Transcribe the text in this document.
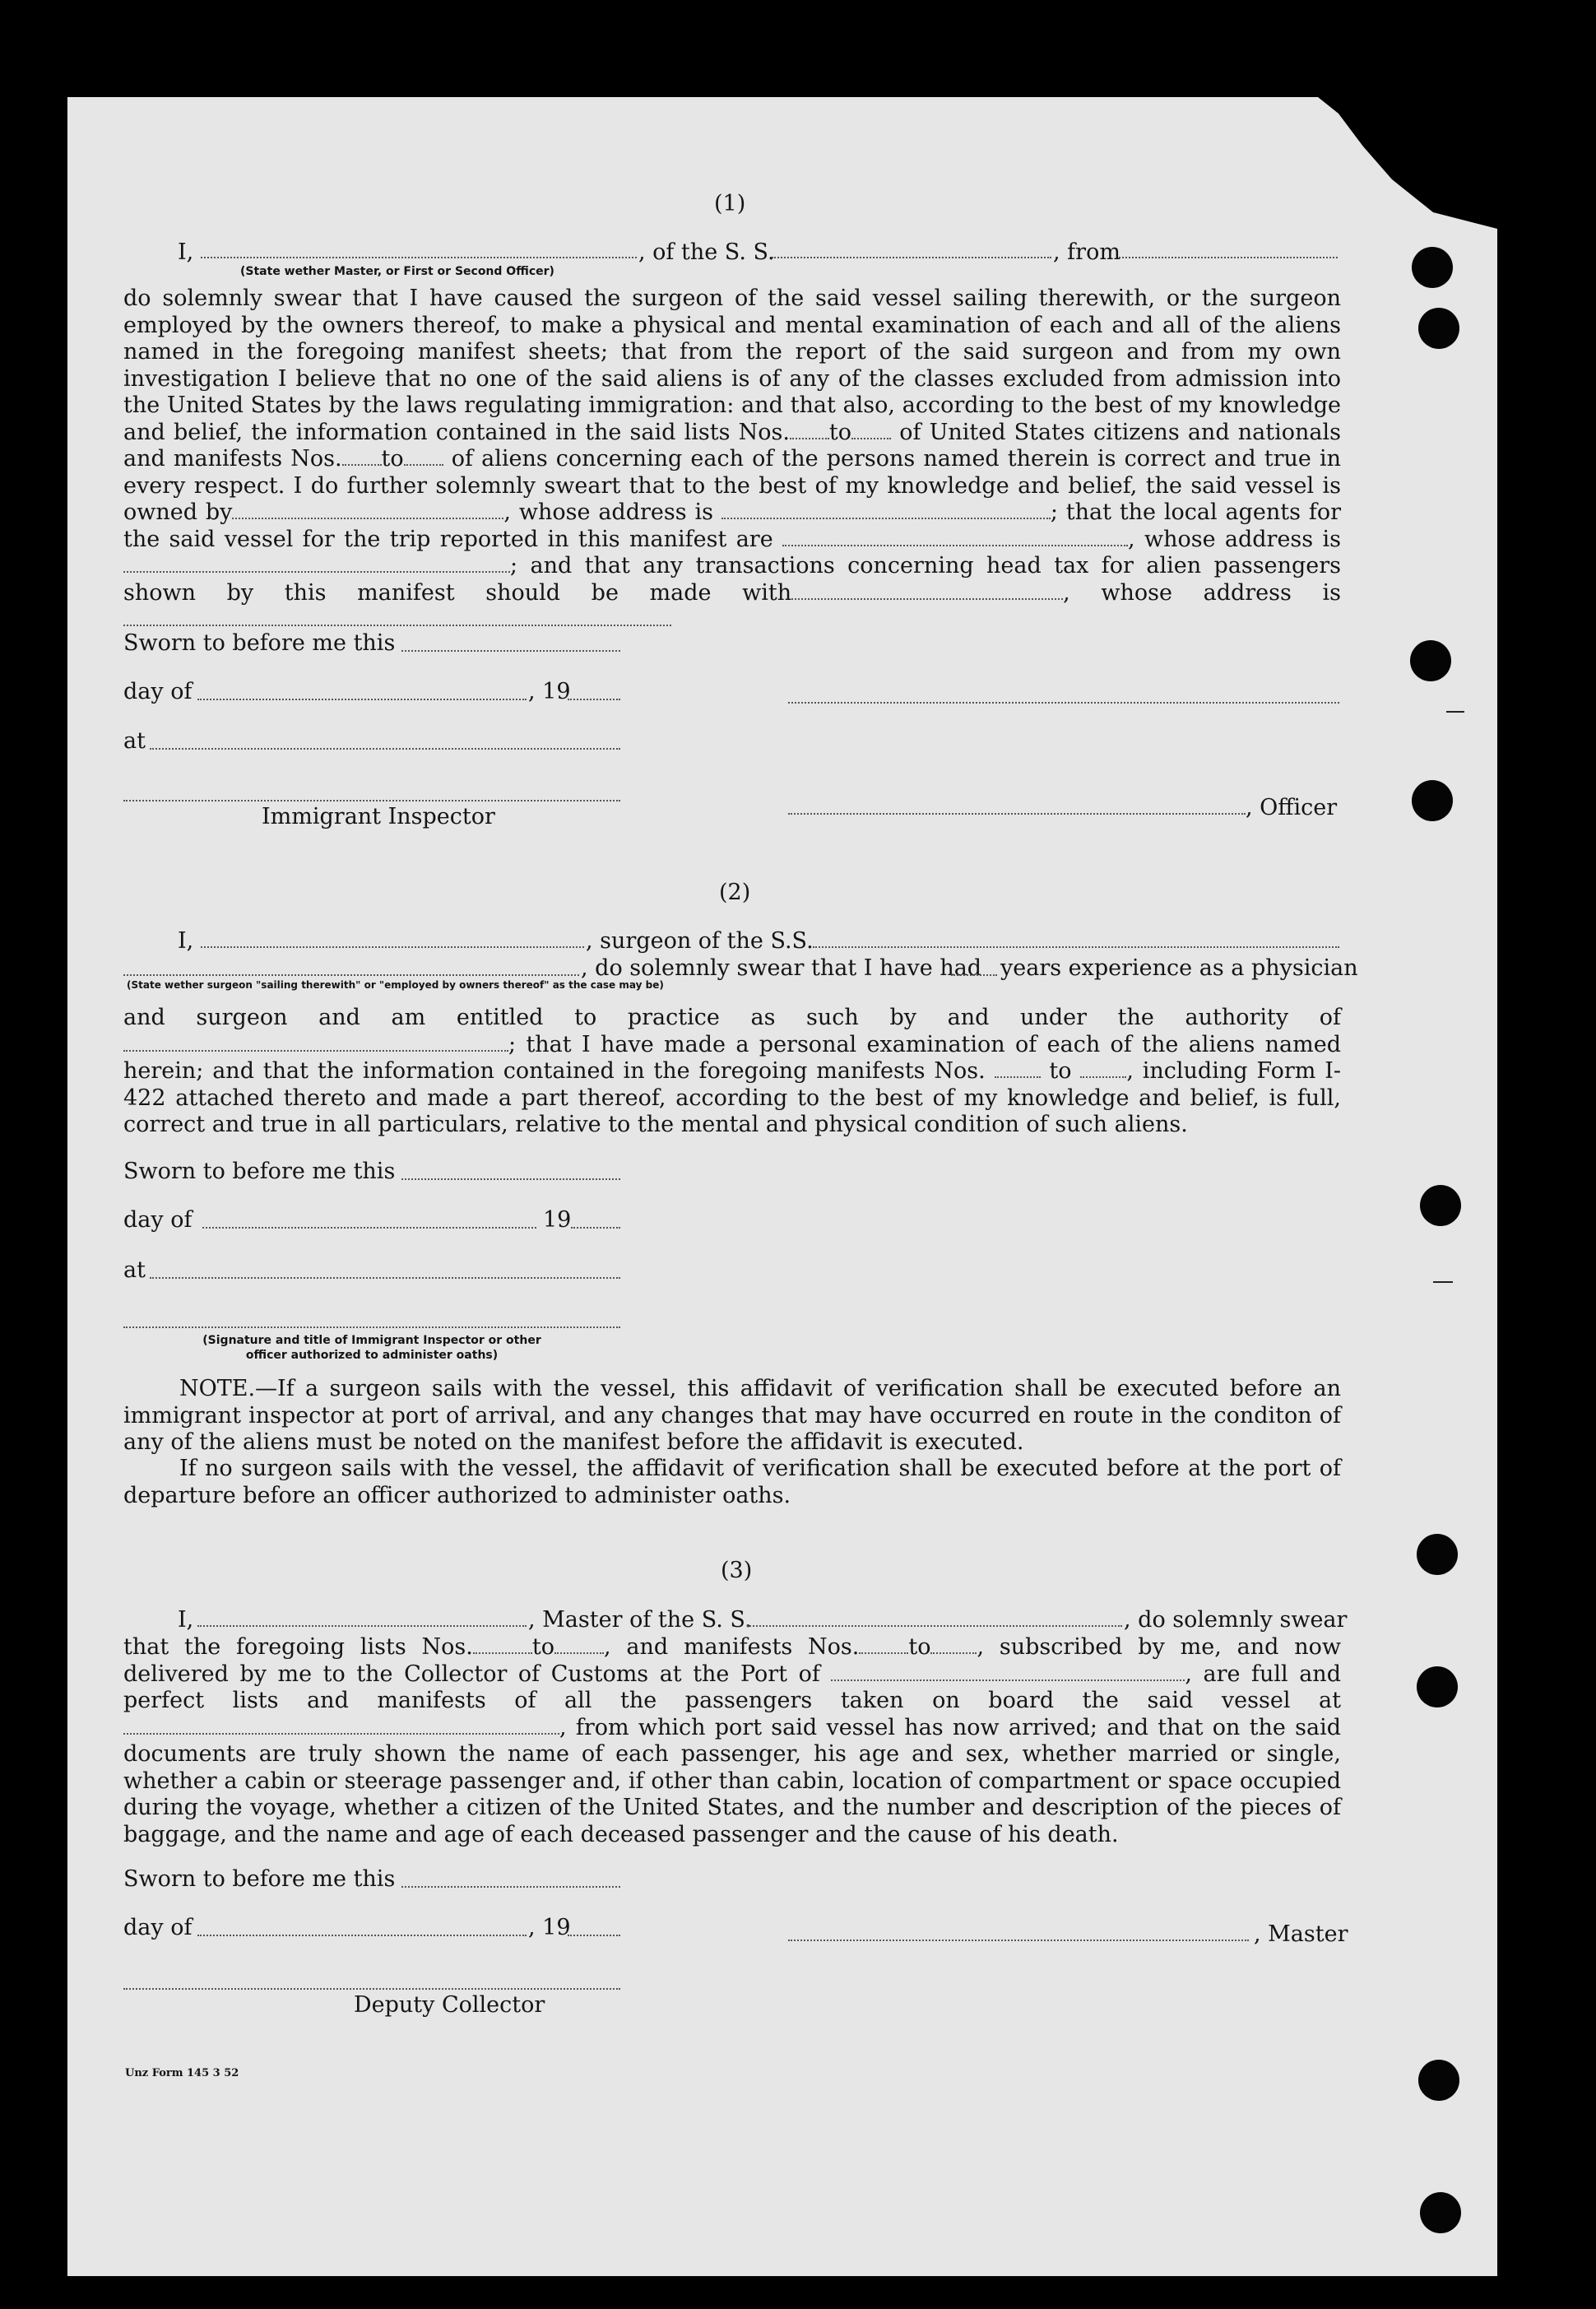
(1)
I,	, of the S. S.	, from
(State wether Master, or First or Second Officer)
do solemnly swear that I have caused the surgeon of the said vessel sailing therewith, or the surgeon employed by the owners thereof, to make a physical and mental examination of each and all of the aliens named in the foregoing manifest sheets; that from the report of the said surgeon and from my own investigation I believe that no one of the said aliens is of any of the classes excluded from admission into the United States by the laws regulating immigration: and that also, according to the best of my knowledge and belief, the information contained in the said lists Nos. to of United States citizens and nationals and manifests Nos. to of aliens concerning each of the persons named therein is correct and true in every respect. I do further solemnly sweart that to the best of my knowledge and belief, the said vessel is owned by	, whose address is	; that the local agents for the said vessel for the trip reported in this manifest are	, whose address is; and that any transactions concerning head tax for alien passengers shown by this manifest should be made with	, whose address is
Sworn to before me this
day of	, 19
at
Immigrant Inspector	, Officer
(2)
I,	, surgeon of the S.S.
, do solemnly swear that I have had years experience as a physician
(State wether surgeon "sailing therewith" or "employed by owners thereof" as the case may be)
and surgeon and am entitled to practice as such by and under the authority of; that I have made a personal examination of each of the aliens named herein; and that the information contained in the foregoing manifests Nos.	to , including Form I-422 attached thereto and made a part thereof, according to the best of my knowledge and belief, is full, correct and true in all particulars, relative to the mental and physical condition of such aliens.
Sworn to before me this
day of	19
at
(Signature and title of Immigrant Inspector or other
officer authorized to administer oaths)
NOTE.—If a surgeon sails with the vessel, this affidavit of verification shall be executed before an immigrant inspector at port of arrival, and any changes that may have occurred en route in the conditon of any of the aliens must be noted on the manifest before the affidavit is executed.
If no surgeon sails with the vessel, the affidavit of verification shall be executed before at the port of departure before an officer authorized to administer oaths.
(3)
I,	, Master of the S. S.	, do solemnly swear
that the foregoing lists Nos.	to , and manifests Nos. to , subscribed by me, and now delivered by me to the Collector of Customs at the Port of	, are full and perfect lists and manifests of all the passengers taken on board the said vessel at , from which port said vessel has now arrived; and that on the said documents are truly shown the name of each passenger, his age and sex, whether married or single, whether a cabin or steerage passenger and, if other than cabin, location of compartment or space occupied during the voyage, whether a citizen of the United States, and the number and description of the pieces of baggage, and the name and age of each deceased passenger and the cause of his death.
Sworn to before me this
day of	, 19	, Master
Deputy Collector
Unz Form 145 3 52
